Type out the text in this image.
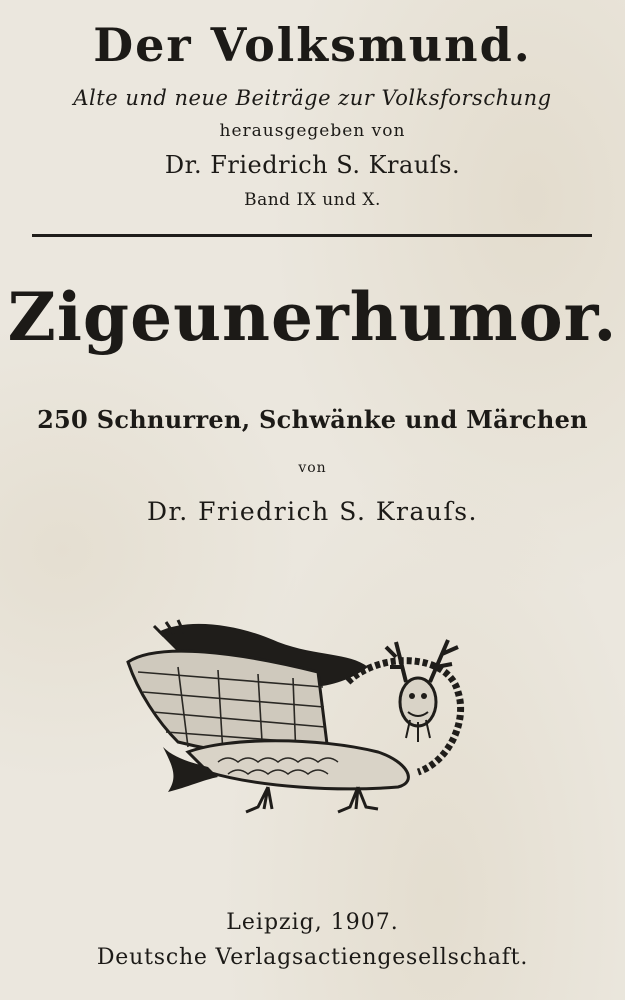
Der Volksmund.
Alte und neue Beiträge zur Volksforschung
herausgegeben von
Dr. Friedrich S. Krauſs.
Band IX und X.
Zigeunerhumor.
250 Schnurren, Schwänke und Märchen
von
Dr. Friedrich S. Krauſs.
Leipzig, 1907.
Deutsche Verlagsactiengesellschaft.
